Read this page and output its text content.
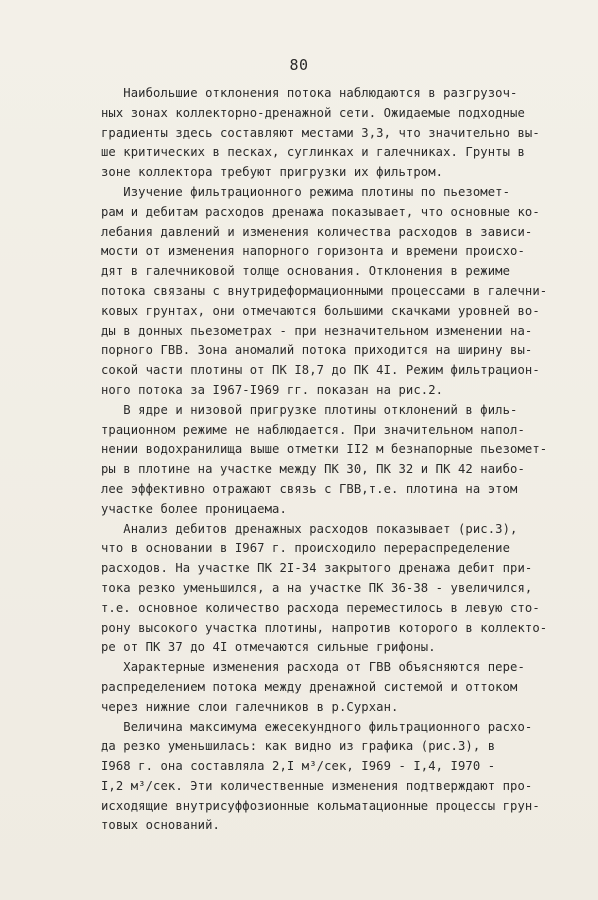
80
Наибольшие отклонения потока наблюдаются в разгрузоч-
ных зонах коллекторно-дренажной сети. Ожидаемые подходные
градиенты здесь составляют местами 3,3, что значительно вы-
ше критических в песках, суглинках и галечниках. Грунты в
зоне коллектора требуют пригрузки их фильтром.
Изучение фильтрационного режима плотины по пьезомет-
рам и дебитам расходов дренажа показывает, что основные ко-
лебания давлений и изменения количества расходов в зависи-
мости от изменения напорного горизонта и времени происхо-
дят в галечниковой толще основания. Отклонения в режиме
потока связаны с внутридеформационными процессами в галечни-
ковых грунтах, они отмечаются большими скачками уровней во-
ды в донных пьезометрах - при незначительном изменении на-
порного ГВВ. Зона аномалий потока приходится на ширину вы-
сокой части плотины от ПК I8,7 до ПК 4I. Режим фильтрацион-
ного потока за I967-I969 гг. показан на рис.2.
В ядре и низовой пригрузке плотины отклонений в филь-
трационном режиме не наблюдается. При значительном напол-
нении водохранилища выше отметки II2 м безнапорные пьезомет-
ры в плотине на участке между ПК 30, ПК 32 и ПК 42 наибо-
лее эффективно отражают связь с ГВВ,т.е. плотина на этом
участке более проницаема.
Анализ дебитов дренажных расходов показывает (рис.3),
что в основании в I967 г. происходило перераспределение
расходов. На участке ПК 2I-34 закрытого дренажа дебит при-
тока резко уменьшился, а на участке ПК 36-38 - увеличился,
т.е. основное количество расхода переместилось в левую сто-
рону высокого участка плотины, напротив которого в коллекто-
ре от ПК 37 до 4I отмечаются сильные грифоны.
Характерные изменения расхода от ГВВ объясняются пере-
распределением потока между дренажной системой и оттоком
через нижние слои галечников в р.Сурхан.
Величина максимума ежесекундного фильтрационного расхо-
да резко уменьшилась: как видно из графика (рис.3), в
I968 г. она составляла 2,I м³/сек, I969 - I,4, I970 -
I,2 м³/сек. Эти количественные изменения подтверждают про-
исходящие внутрисуффозионные кольматационные процессы грун-
товых оснований.
